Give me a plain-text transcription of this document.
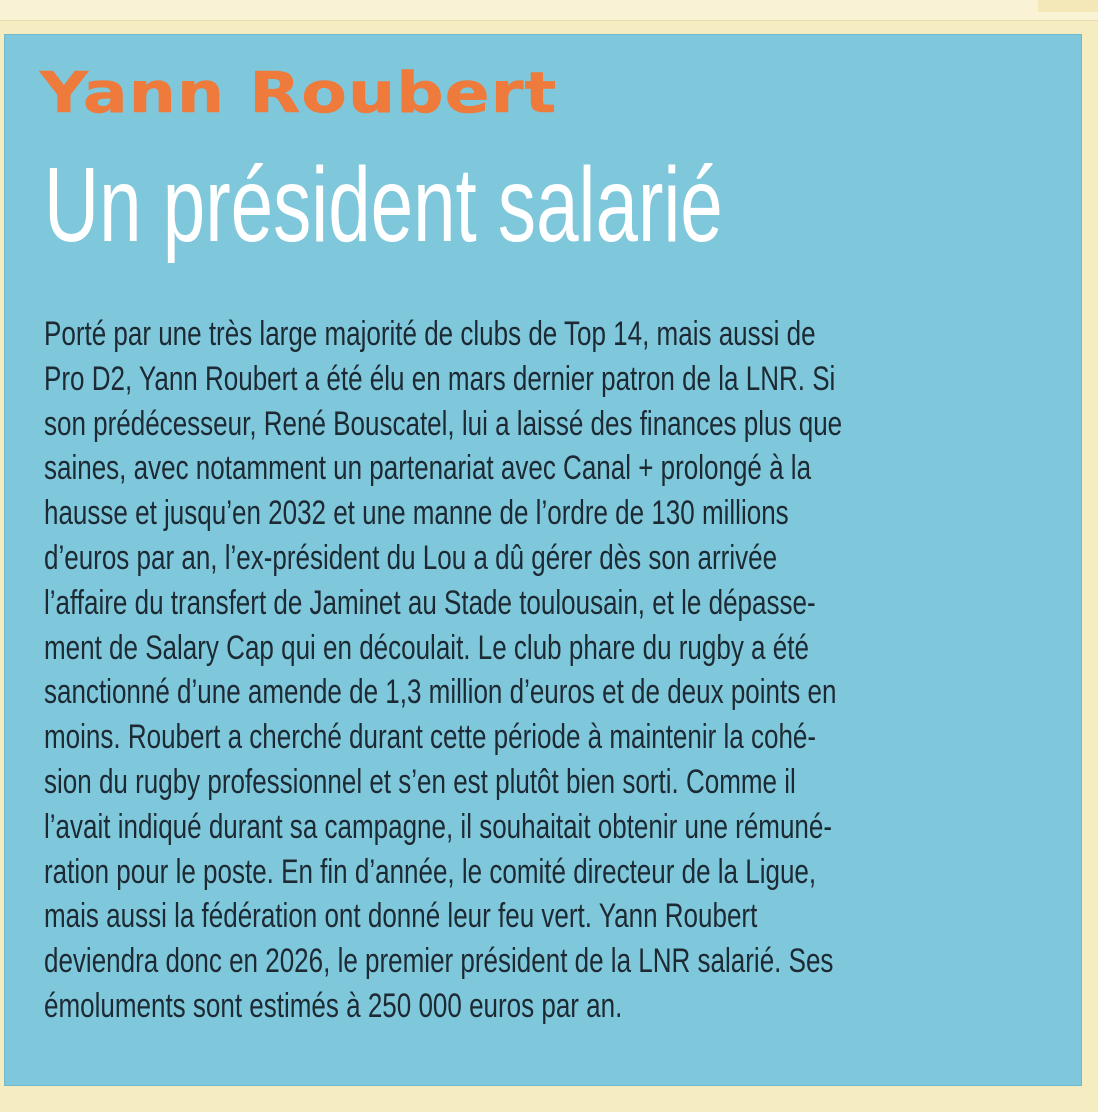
Yann Roubert
Un président salarié

Porté par une très large majorité de clubs de Top 14, mais aussi de
Pro D2, Yann Roubert a été élu en mars dernier patron de la LNR. Si
son prédécesseur, René Bouscatel, lui a laissé des finances plus que
saines, avec notamment un partenariat avec Canal + prolongé à la
hausse et jusqu’en 2032 et une manne de l’ordre de 130 millions
d’euros par an, l’ex-président du Lou a dû gérer dès son arrivée
l’affaire du transfert de Jaminet au Stade toulousain, et le dépasse-
ment de Salary Cap qui en découlait. Le club phare du rugby a été
sanctionné d’une amende de 1,3 million d’euros et de deux points en
moins. Roubert a cherché durant cette période à maintenir la cohé-
sion du rugby professionnel et s’en est plutôt bien sorti. Comme il
l’avait indiqué durant sa campagne, il souhaitait obtenir une rémuné-
ration pour le poste. En fin d’année, le comité directeur de la Ligue,
mais aussi la fédération ont donné leur feu vert. Yann Roubert
deviendra donc en 2026, le premier président de la LNR salarié. Ses
émoluments sont estimés à 250 000 euros par an.
